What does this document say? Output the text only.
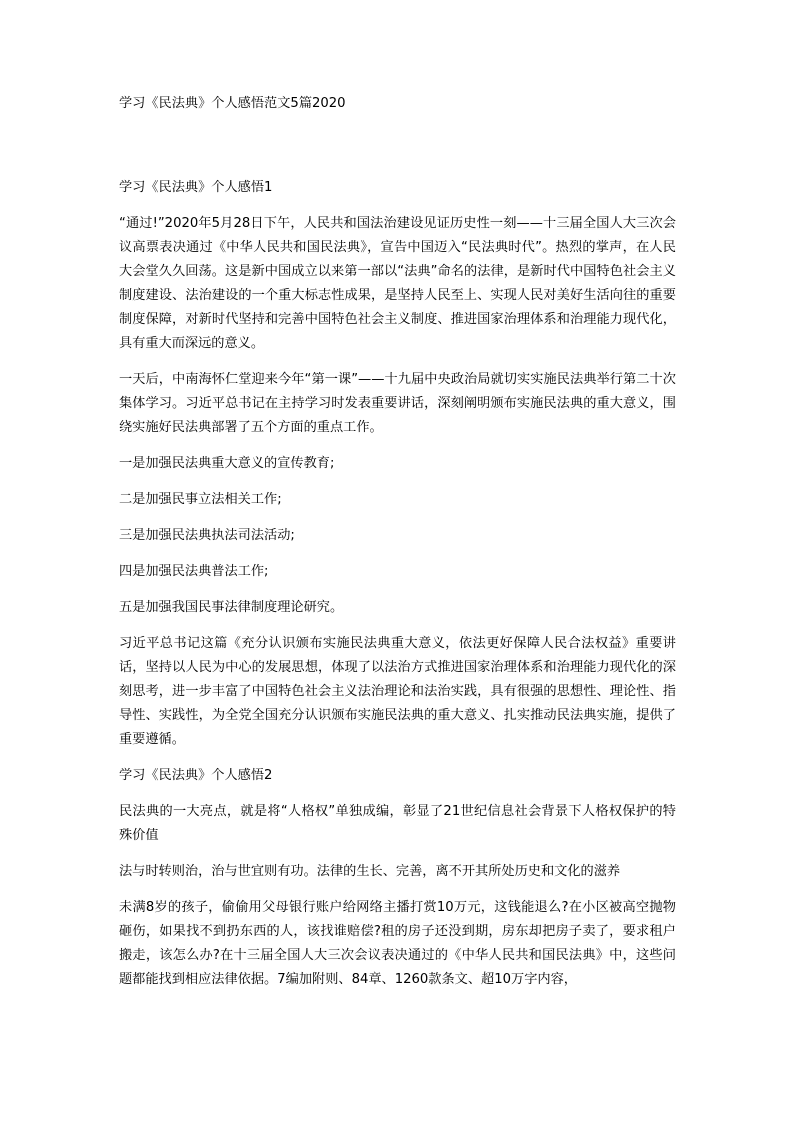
学习《民法典》个人感悟范文5篇2020
学习《民法典》个人感悟1

“通过!”2020年5月28日下午，人民共和国法治建设见证历史性一刻——十三届全国人大三次会议高票表决通过《中华人民共和国民法典》，宣告中国迈入“民法典时代”。热烈的掌声，在人民大会堂久久回荡。这是新中国成立以来第一部以“法典”命名的法律，是新时代中国特色社会主义制度建设、法治建设的一个重大标志性成果，是坚持人民至上、实现人民对美好生活向往的重要制度保障，对新时代坚持和完善中国特色社会主义制度、推进国家治理体系和治理能力现代化，具有重大而深远的意义。

一天后，中南海怀仁堂迎来今年“第一课”——十九届中央政治局就切实实施民法典举行第二十次集体学习。习近平总书记在主持学习时发表重要讲话，深刻阐明颁布实施民法典的重大意义，围绕实施好民法典部署了五个方面的重点工作。

一是加强民法典重大意义的宣传教育;

二是加强民事立法相关工作;

三是加强民法典执法司法活动;

四是加强民法典普法工作;

五是加强我国民事法律制度理论研究。

习近平总书记这篇《充分认识颁布实施民法典重大意义，依法更好保障人民合法权益》重要讲话，坚持以人民为中心的发展思想，体现了以法治方式推进国家治理体系和治理能力现代化的深刻思考，进一步丰富了中国特色社会主义法治理论和法治实践，具有很强的思想性、理论性、指导性、实践性，为全党全国充分认识颁布实施民法典的重大意义、扎实推动民法典实施，提供了重要遵循。

学习《民法典》个人感悟2

民法典的一大亮点，就是将“人格权”单独成编，彰显了21世纪信息社会背景下人格权保护的特殊价值

法与时转则治，治与世宜则有功。法律的生长、完善，离不开其所处历史和文化的滋养

未满8岁的孩子，偷偷用父母银行账户给网络主播打赏10万元，这钱能退么?在小区被高空抛物砸伤，如果找不到扔东西的人，该找谁赔偿?租的房子还没到期，房东却把房子卖了，要求租户搬走，该怎么办?在十三届全国人大三次会议表决通过的《中华人民共和国民法典》中，这些问题都能找到相应法律依据。7编加附则、84章、1260款条文、超10万字内容，
